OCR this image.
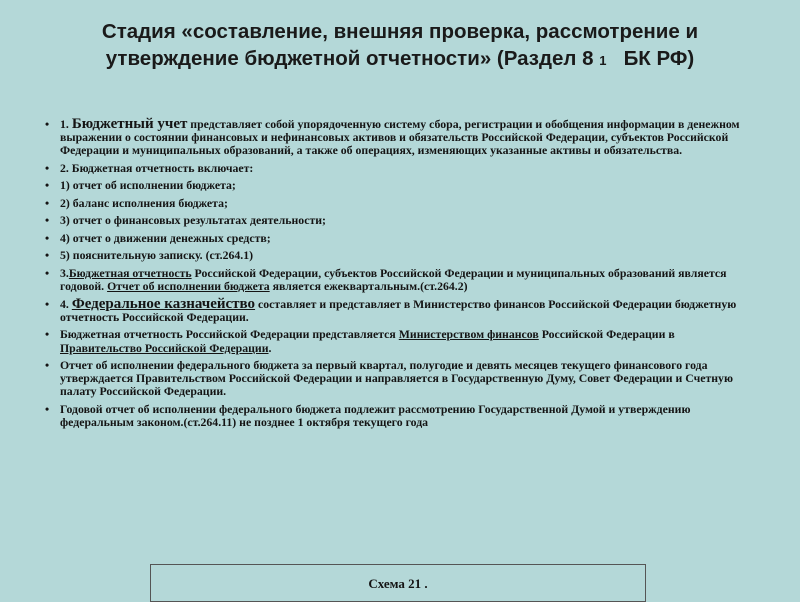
Стадия «составление, внешняя проверка, рассмотрение и
утверждение бюджетной отчетности» (Раздел 8 1 БК РФ)
• 1. Бюджетный учет представляет собой упорядоченную систему сбора, регистрации и обобщения информации в денежном выражении о состоянии финансовых и нефинансовых активов и обязательств Российской Федерации, субъектов Российской Федерации и муниципальных образований, а также об операциях, изменяющих указанные активы и обязательства.
• 2. Бюджетная отчетность включает:
• 1) отчет об исполнении бюджета;
• 2) баланс исполнения бюджета;
• 3) отчет о финансовых результатах деятельности;
• 4) отчет о движении денежных средств;
• 5) пояснительную записку. (ст.264.1)
• 3.Бюджетная отчетность Российской Федерации, субъектов Российской Федерации и муниципальных образований является годовой. Отчет об исполнении бюджета является ежеквартальным.(ст.264.2)
• 4. Федеральное казначейство составляет и представляет в Министерство финансов Российской Федерации бюджетную отчетность Российской Федерации.
• Бюджетная отчетность Российской Федерации представляется Министерством финансов Российской Федерации в Правительство Российской Федерации.
• Отчет об исполнении федерального бюджета за первый квартал, полугодие и девять месяцев текущего финансового года утверждается Правительством Российской Федерации и направляется в Государственную Думу, Совет Федерации и Счетную палату Российской Федерации.
• Годовой отчет об исполнении федерального бюджета подлежит рассмотрению Государственной Думой и утверждению федеральным законом.(ст.264.11) не позднее 1 октября текущего года
Схема 21 .
